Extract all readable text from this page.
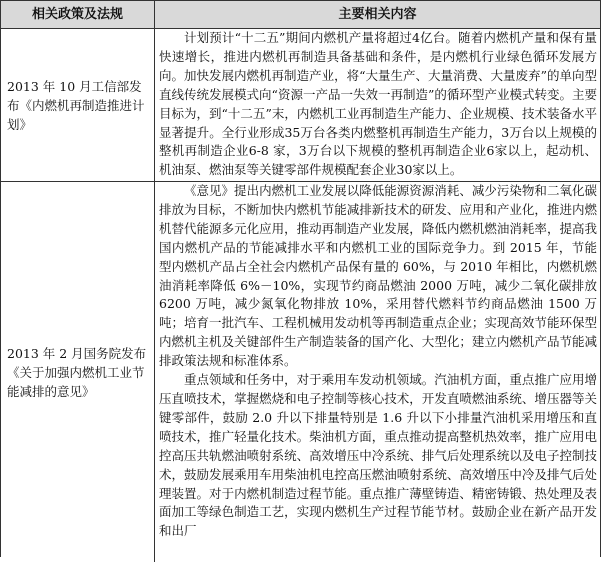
相关政策及法规	主要相关内容
2013 年 10 月工信部发布《内燃机再制造推进计划》

计划预计“十二五”期间内燃机产量将超过4亿台。随着内燃机产量和保有量快速增长，推进内燃机再制造具备基础和条件，是内燃机行业绿色循环发展方向。加快发展内燃机再制造产业，将“大量生产、大量消费、大量废弃”的单向型直线传统发展模式向“资源一产品一失效一再制造”的循环型产业模式转变。主要目标为，到“十二五”末，内燃机工业再制造生产能力、企业规模、技术装备水平显著提升。全行业形成35万台各类内燃整机再制造生产能力，3万台以上规模的整机再制造企业6-8 家，3万台以下规模的整机再制造企业6家以上，起动机、机油泵、燃油泵等关键零部件规模配套企业30家以上。

2013 年 2 月国务院发布《关于加强内燃机工业节能减排的意见》

《意见》提出内燃机工业发展以降低能源资源消耗、减少污染物和二氧化碳排放为目标，不断加快内燃机节能减排新技术的研发、应用和产业化，推进内燃机替代能源多元化应用，推动再制造产业发展，降低内燃机燃油消耗率，提高我国内燃机产品的节能减排水平和内燃机工业的国际竞争力。到 2015 年，节能型内燃机产品占全社会内燃机产品保有量的 60%，与 2010 年相比，内燃机燃油消耗率降低 6%－10%，实现节约商品燃油 2000 万吨，减少二氧化碳排放 6200 万吨，减少氮氧化物排放 10%，采用替代燃料节约商品燃油 1500 万吨；培育一批汽车、工程机械用发动机等再制造重点企业；实现高效节能环保型内燃机主机及关键部件生产制造装备的国产化、大型化；建立内燃机产品节能减排政策法规和标准体系。

重点领域和任务中，对于乘用车发动机领域。汽油机方面，重点推广应用增压直喷技术，掌握燃烧和电子控制等核心技术，开发直喷燃油系统、增压器等关键零部件，鼓励 2.0 升以下排量特别是 1.6 升以下小排量汽油机采用增压和直喷技术，推广轻量化技术。柴油机方面，重点推动提高整机热效率，推广应用电控高压共轨燃油喷射系统、高效增压中冷系统、排气后处理系统以及电子控制技术，鼓励发展乘用车用柴油机电控高压燃油喷射系统、高效增压中冷及排气后处理装置。对于内燃机制造过程节能。重点推广薄壁铸造、精密铸锻、热处理及表面加工等绿色制造工艺，实现内燃机生产过程节能节材。鼓励企业在新产品开发和出厂
